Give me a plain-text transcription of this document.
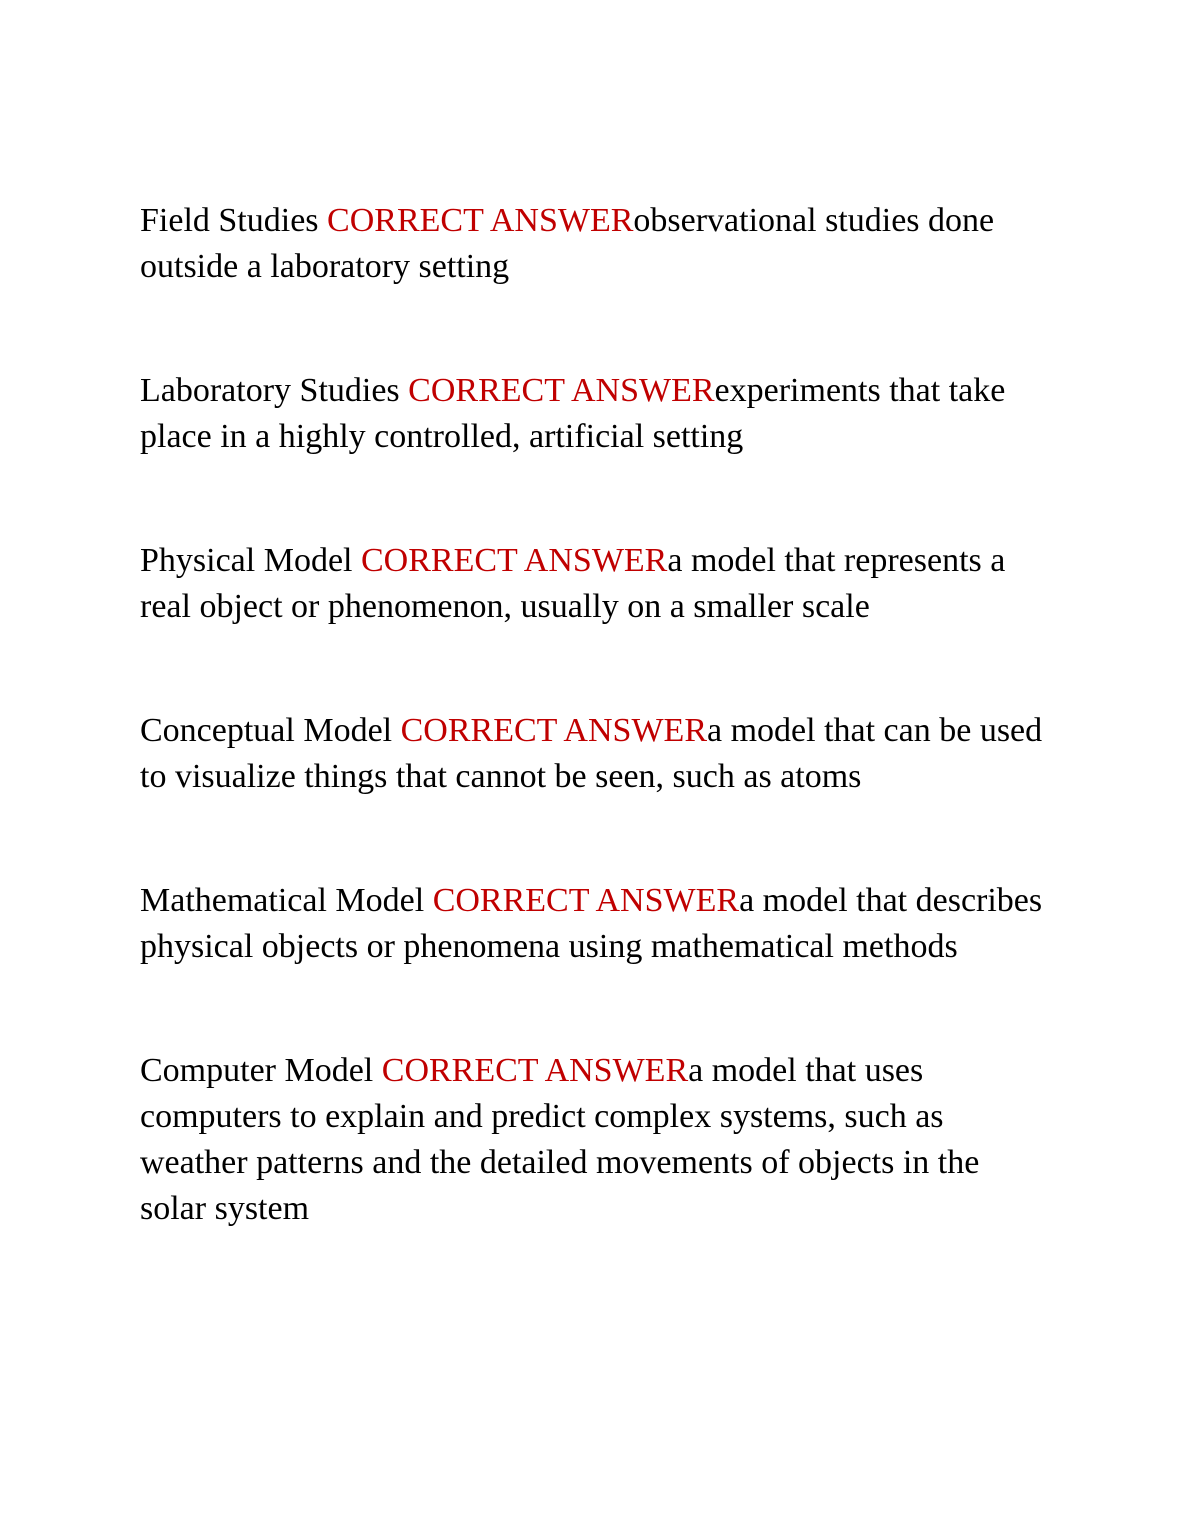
Field Studies CORRECT ANSWERobservational studies done outside a laboratory setting

Laboratory Studies CORRECT ANSWERexperiments that take place in a highly controlled, artificial setting

Physical Model CORRECT ANSWERa model that represents a real object or phenomenon, usually on a smaller scale

Conceptual Model CORRECT ANSWERa model that can be used to visualize things that cannot be seen, such as atoms

Mathematical Model CORRECT ANSWERa model that describes physical objects or phenomena using mathematical methods

Computer Model CORRECT ANSWERa model that uses computers to explain and predict complex systems, such as weather patterns and the detailed movements of objects in the solar system
